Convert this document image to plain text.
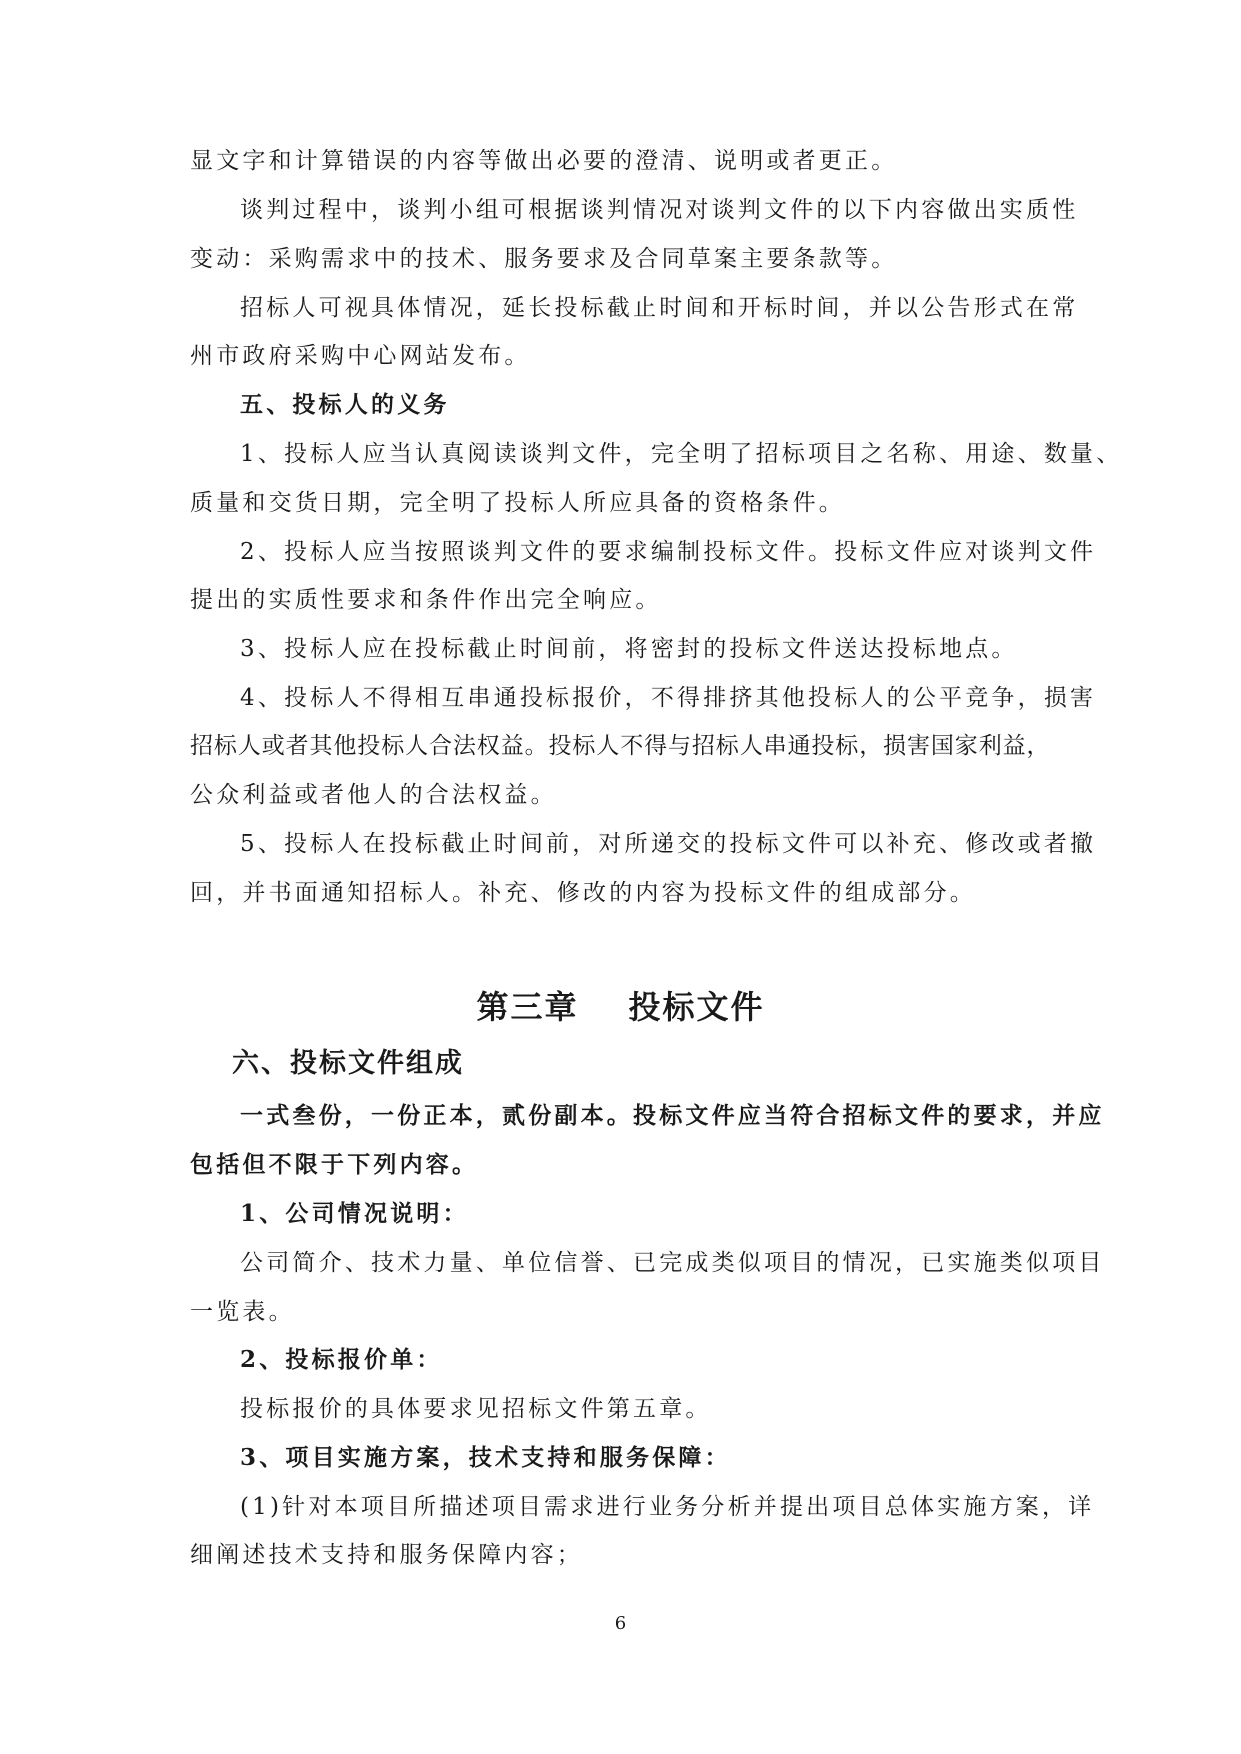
显文字和计算错误的内容等做出必要的澄清、说明或者更正。
谈判过程中，谈判小组可根据谈判情况对谈判文件的以下内容做出实质性
变动：采购需求中的技术、服务要求及合同草案主要条款等。
招标人可视具体情况，延长投标截止时间和开标时间，并以公告形式在常
州市政府采购中心网站发布。
五、投标人的义务
1、投标人应当认真阅读谈判文件，完全明了招标项目之名称、用途、数量、
质量和交货日期，完全明了投标人所应具备的资格条件。
2、投标人应当按照谈判文件的要求编制投标文件。投标文件应对谈判文件
提出的实质性要求和条件作出完全响应。
3、投标人应在投标截止时间前，将密封的投标文件送达投标地点。
4、投标人不得相互串通投标报价，不得排挤其他投标人的公平竞争，损害
招标人或者其他投标人合法权益。投标人不得与招标人串通投标，损害国家利益，
公众利益或者他人的合法权益。
5、投标人在投标截止时间前，对所递交的投标文件可以补充、修改或者撤
回，并书面通知招标人。补充、修改的内容为投标文件的组成部分。
第三章 投标文件
六、投标文件组成
一式叁份，一份正本，贰份副本。投标文件应当符合招标文件的要求，并应
包括但不限于下列内容。
1、公司情况说明：
公司简介、技术力量、单位信誉、已完成类似项目的情况，已实施类似项目
一览表。
2、投标报价单：
投标报价的具体要求见招标文件第五章。
3、项目实施方案，技术支持和服务保障：
(1)针对本项目所描述项目需求进行业务分析并提出项目总体实施方案，详
细阐述技术支持和服务保障内容；
6
